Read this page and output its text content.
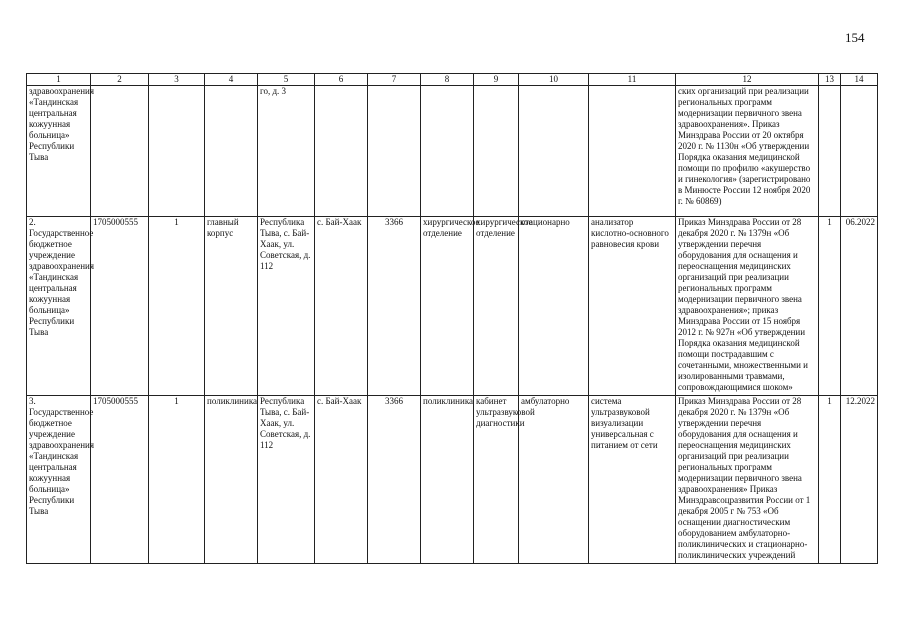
154
1	2	3	4	5	6	7	8	9	10	11	12	13	14
здравоохранения «Тандинская центральная кожуунная больница» Республики Тыва				го, д. 3							ских организаций при реализации региональных программ модернизации первичного звена здравоохранения». Приказ Минздрава России от 20 октября 2020 г. № 1130н «Об утверждении Порядка оказания медицинской помощи по профилю «акушерство и гинекология» (зарегистрировано в Минюсте России 12 ноября 2020 г. № 60869)		
2. Государственное бюджетное учреждение здравоохранения «Тандинская центральная кожуунная больница» Республики Тыва	1705000555	1	главный корпус	Республика Тыва, с. Бай-Хаак, ул. Советская, д. 112	с. Бай-Хаак	3366	хирургическое отделение	хирургическое отделение	стационарно	анализатор кислотно-основного равновесия крови	Приказ Минздрава России от 28 декабря 2020 г. № 1379н «Об утверждении перечня оборудования для оснащения и переоснащения медицинских организаций при реализации региональных программ модернизации первичного звена здравоохранения»; приказ Минздрава России от 15 ноября 2012 г. № 927н «Об утверждении Порядка оказания медицинской помощи пострадавшим с сочетанными, множественными и изолированными травмами, сопровождающимися шоком»	1	06.2022
3. Государственное бюджетное учреждение здравоохранения «Тандинская центральная кожуунная больница» Республики Тыва	1705000555	1	поликлиника	Республика Тыва, с. Бай-Хаак, ул. Советская, д. 112	с. Бай-Хаак	3366	поликлиника	кабинет ультразвуковой диагностики	амбулаторно	система ультразвуковой визуализации универсальная с питанием от сети	Приказ Минздрава России от 28 декабря 2020 г. № 1379н «Об утверждении перечня оборудования для оснащения и переоснащения медицинских организаций при реализации региональных программ модернизации первичного звена здравоохранения» Приказ Минздравсоцразвития России от 1 декабря 2005 г № 753 «Об оснащении диагностическим оборудованием амбулаторно-поликлинических и стационарно-поликлинических учреждений	1	12.2022
